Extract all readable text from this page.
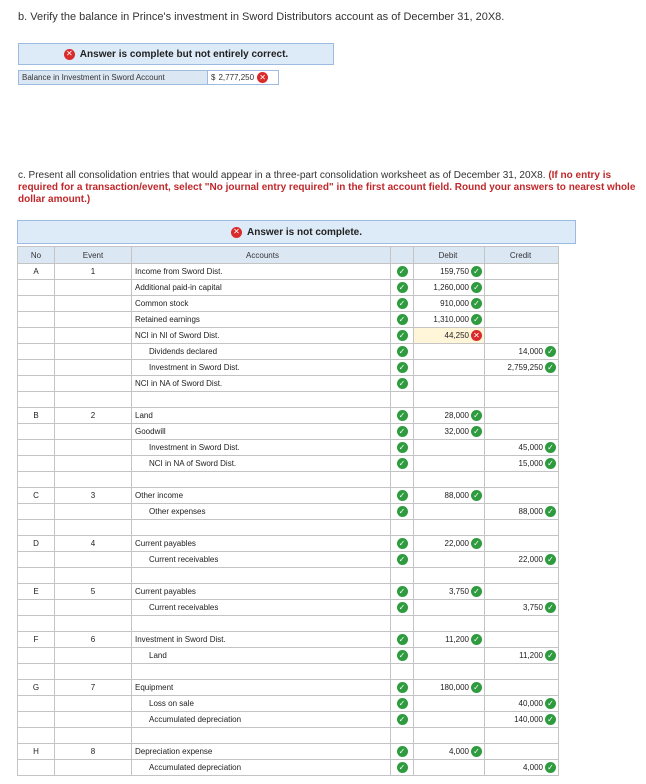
b. Verify the balance in Prince's investment in Sword Distributors account as of December 31, 20X8.
✕ Answer is complete but not entirely correct.
Balance in Investment in Sword Account	$ 2,777,250 ✕
c. Present all consolidation entries that would appear in a three-part consolidation worksheet as of December 31, 20X8. (If no entry is required for a transaction/event, select "No journal entry required" in the first account field. Round your answers to nearest whole dollar amount.)
✕ Answer is not complete.
No	Event	Accounts		Debit	Credit
A	1	Income from Sword Dist.	✓	159,750 ✓	

		Additional paid-in capital	✓	1,260,000 ✓	

		Common stock	✓	910,000 ✓	

		Retained earnings	✓	1,310,000 ✓	

		NCI in NI of Sword Dist.	✓	44,250 ✕	

		Dividends declared	✓		14,000 ✓

		Investment in Sword Dist.	✓		2,759,250 ✓

		NCI in NA of Sword Dist.	✓		

B	2	Land	✓	28,000 ✓	

		Goodwill	✓	32,000 ✓	

		Investment in Sword Dist.	✓		45,000 ✓

		NCI in NA of Sword Dist.	✓		15,000 ✓

C	3	Other income	✓	88,000 ✓	

		Other expenses	✓		88,000 ✓

D	4	Current payables	✓	22,000 ✓	

		Current receivables	✓		22,000 ✓

E	5	Current payables	✓	3,750 ✓	

		Current receivables	✓		3,750 ✓

F	6	Investment in Sword Dist.	✓	11,200 ✓	

		Land	✓		11,200 ✓

G	7	Equipment	✓	180,000 ✓	

		Loss on sale	✓		40,000 ✓

		Accumulated depreciation	✓		140,000 ✓

H	8	Depreciation expense	✓	4,000 ✓	

		Accumulated depreciation	✓		4,000 ✓
